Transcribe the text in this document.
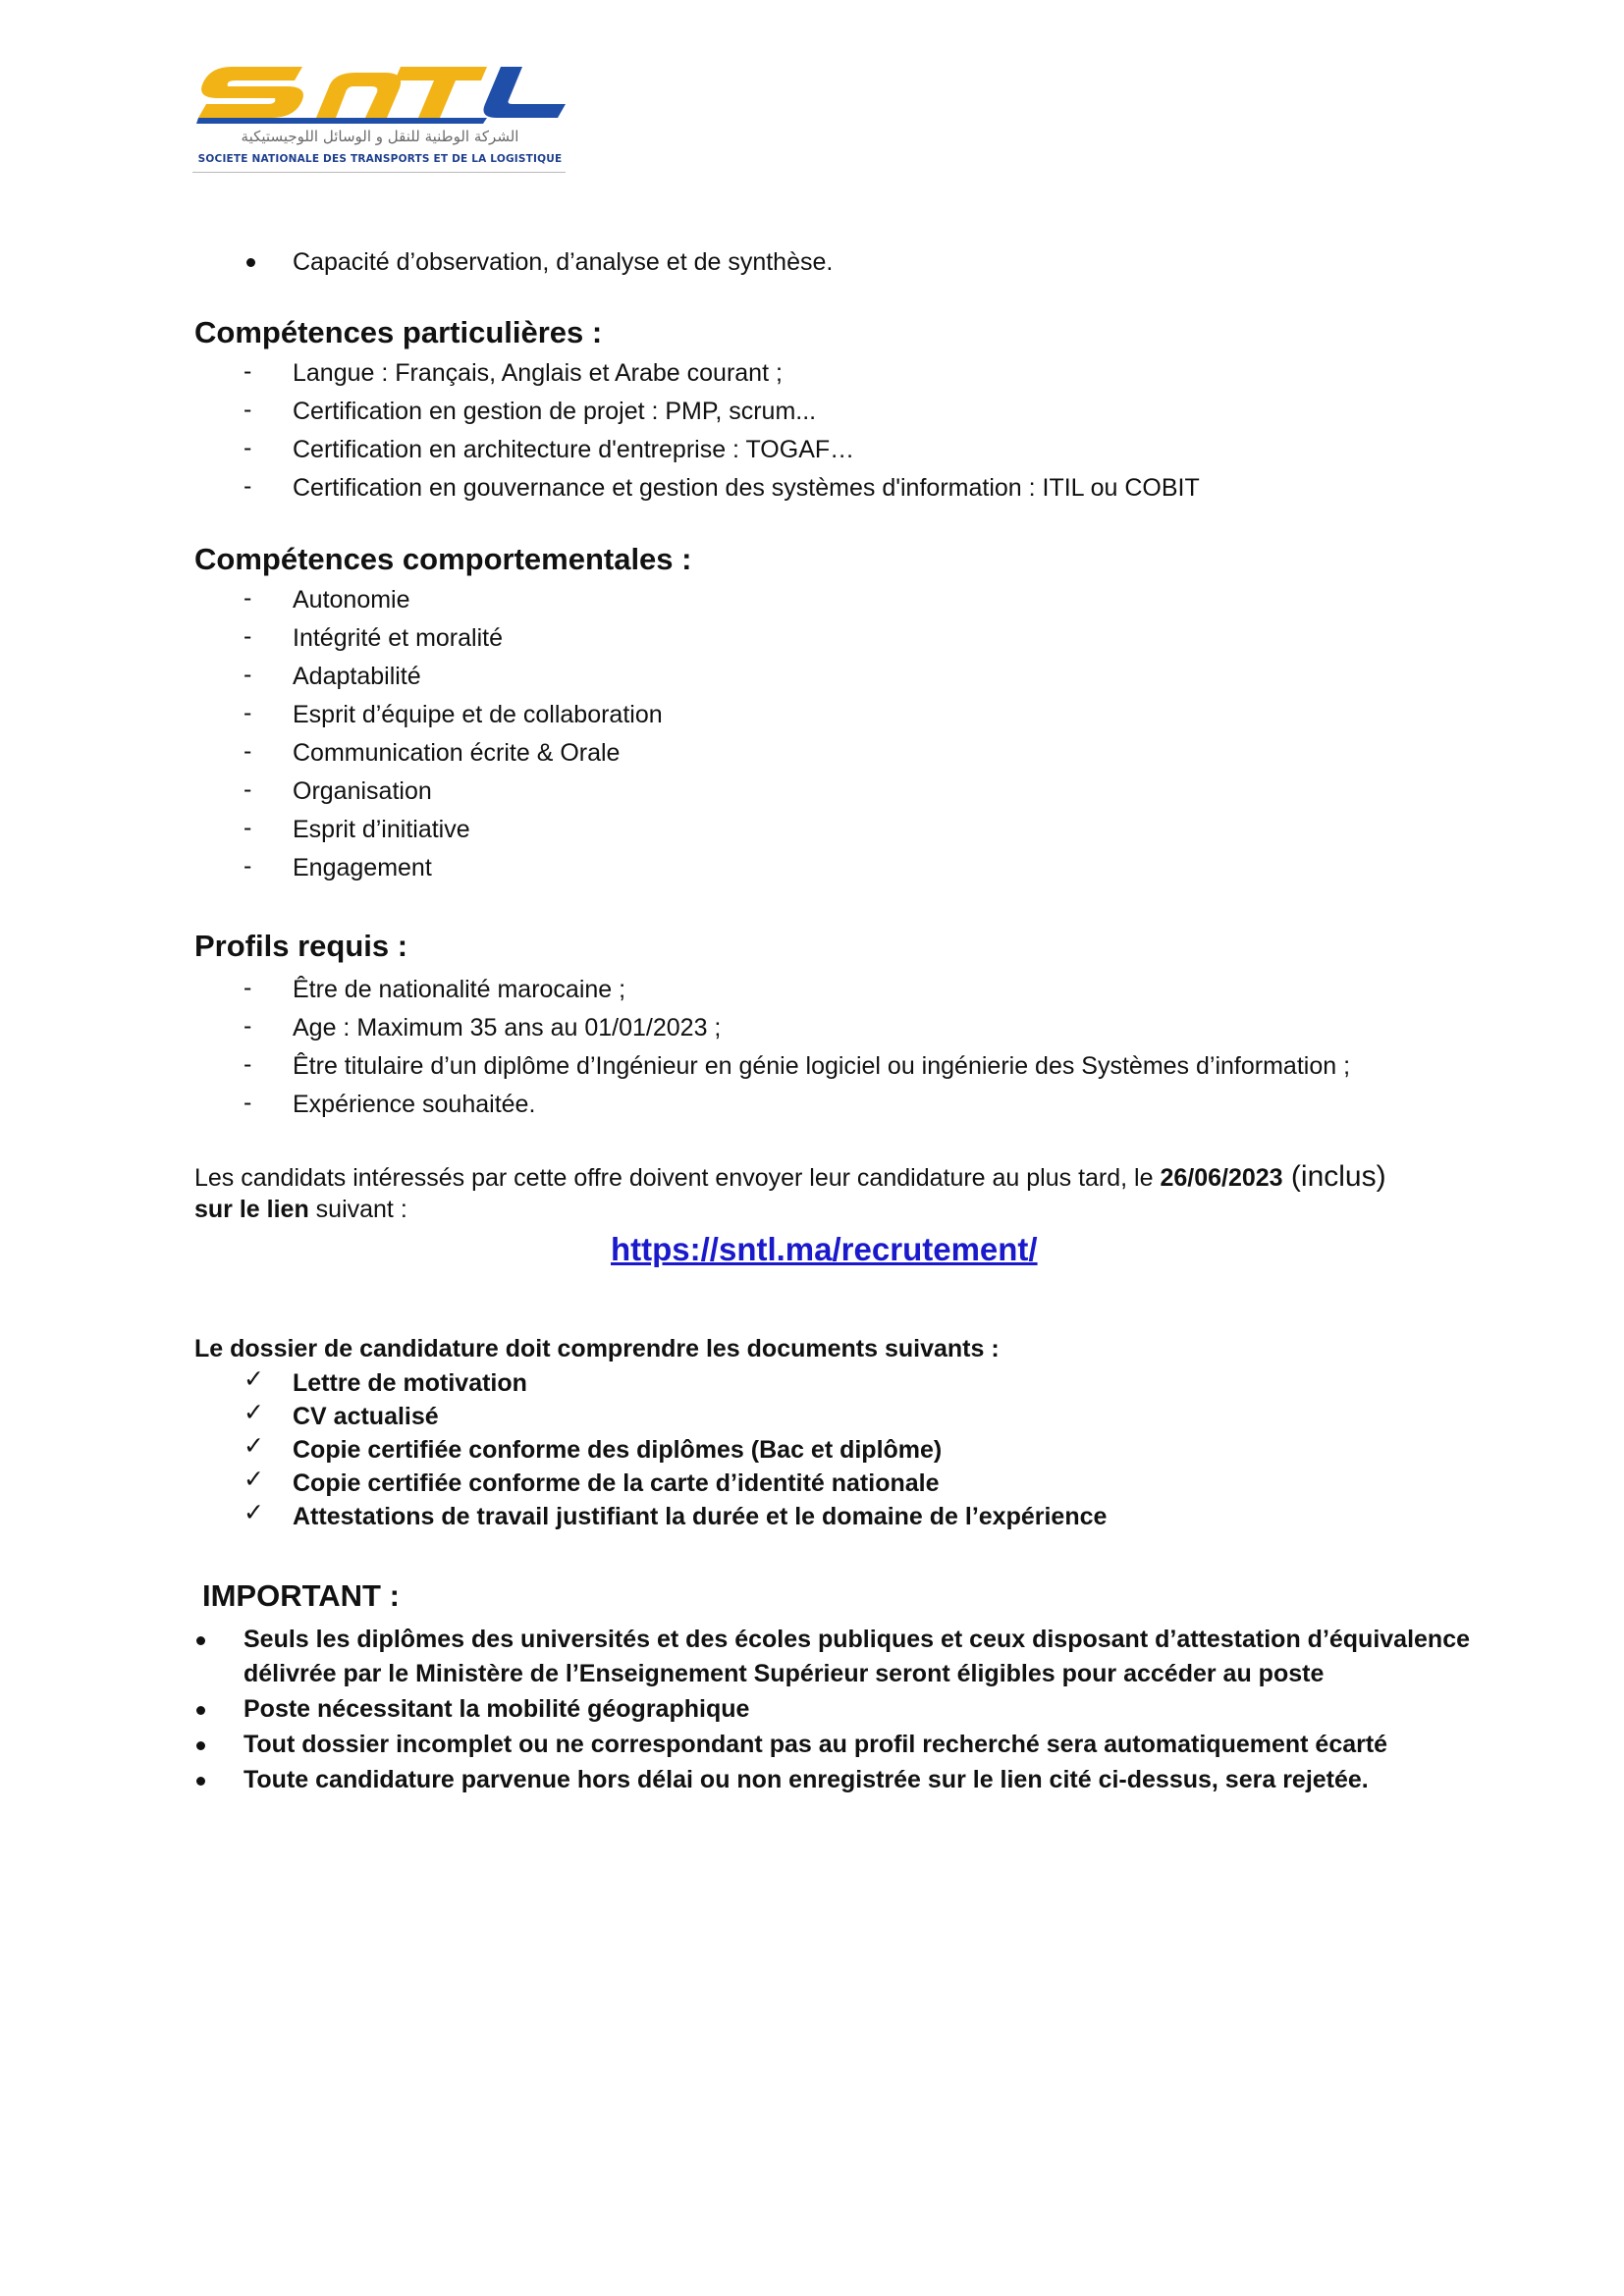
الشركة الوطنية للنقل و الوسائل اللوجيستيكية
SOCIETE NATIONALE DES TRANSPORTS ET DE LA LOGISTIQUE
Capacité d’observation, d’analyse et de synthèse.
Compétences particulières :
- Langue : Français, Anglais et Arabe courant ;
- Certification en gestion de projet : PMP, scrum...
- Certification en architecture d'entreprise : TOGAF…
- Certification en gouvernance et gestion des systèmes d'information : ITIL ou COBIT
Compétences comportementales :
- Autonomie
- Intégrité et moralité
- Adaptabilité
- Esprit d’équipe et de collaboration
- Communication écrite & Orale
- Organisation
- Esprit d’initiative
- Engagement
Profils requis :
- Être de nationalité marocaine ;
- Age : Maximum 35 ans au 01/01/2023 ;
- Être titulaire d’un diplôme d’Ingénieur en génie logiciel ou ingénierie des Systèmes d’information ;
- Expérience souhaitée.
Les candidats intéressés par cette offre doivent envoyer leur candidature au plus tard, le 26/06/2023 (inclus)
sur le lien suivant :
https://sntl.ma/recrutement/
Le dossier de candidature doit comprendre les documents suivants :
✓ Lettre de motivation
✓ CV actualisé
✓ Copie certifiée conforme des diplômes (Bac et diplôme)
✓ Copie certifiée conforme de la carte d’identité nationale
✓ Attestations de travail justifiant la durée et le domaine de l’expérience
IMPORTANT :
Seuls les diplômes des universités et des écoles publiques et ceux disposant d’attestation d’équivalence
délivrée par le Ministère de l’Enseignement Supérieur seront éligibles pour accéder au poste
Poste nécessitant la mobilité géographique
Tout dossier incomplet ou ne correspondant pas au profil recherché sera automatiquement écarté
Toute candidature parvenue hors délai ou non enregistrée sur le lien cité ci-dessus, sera rejetée.
